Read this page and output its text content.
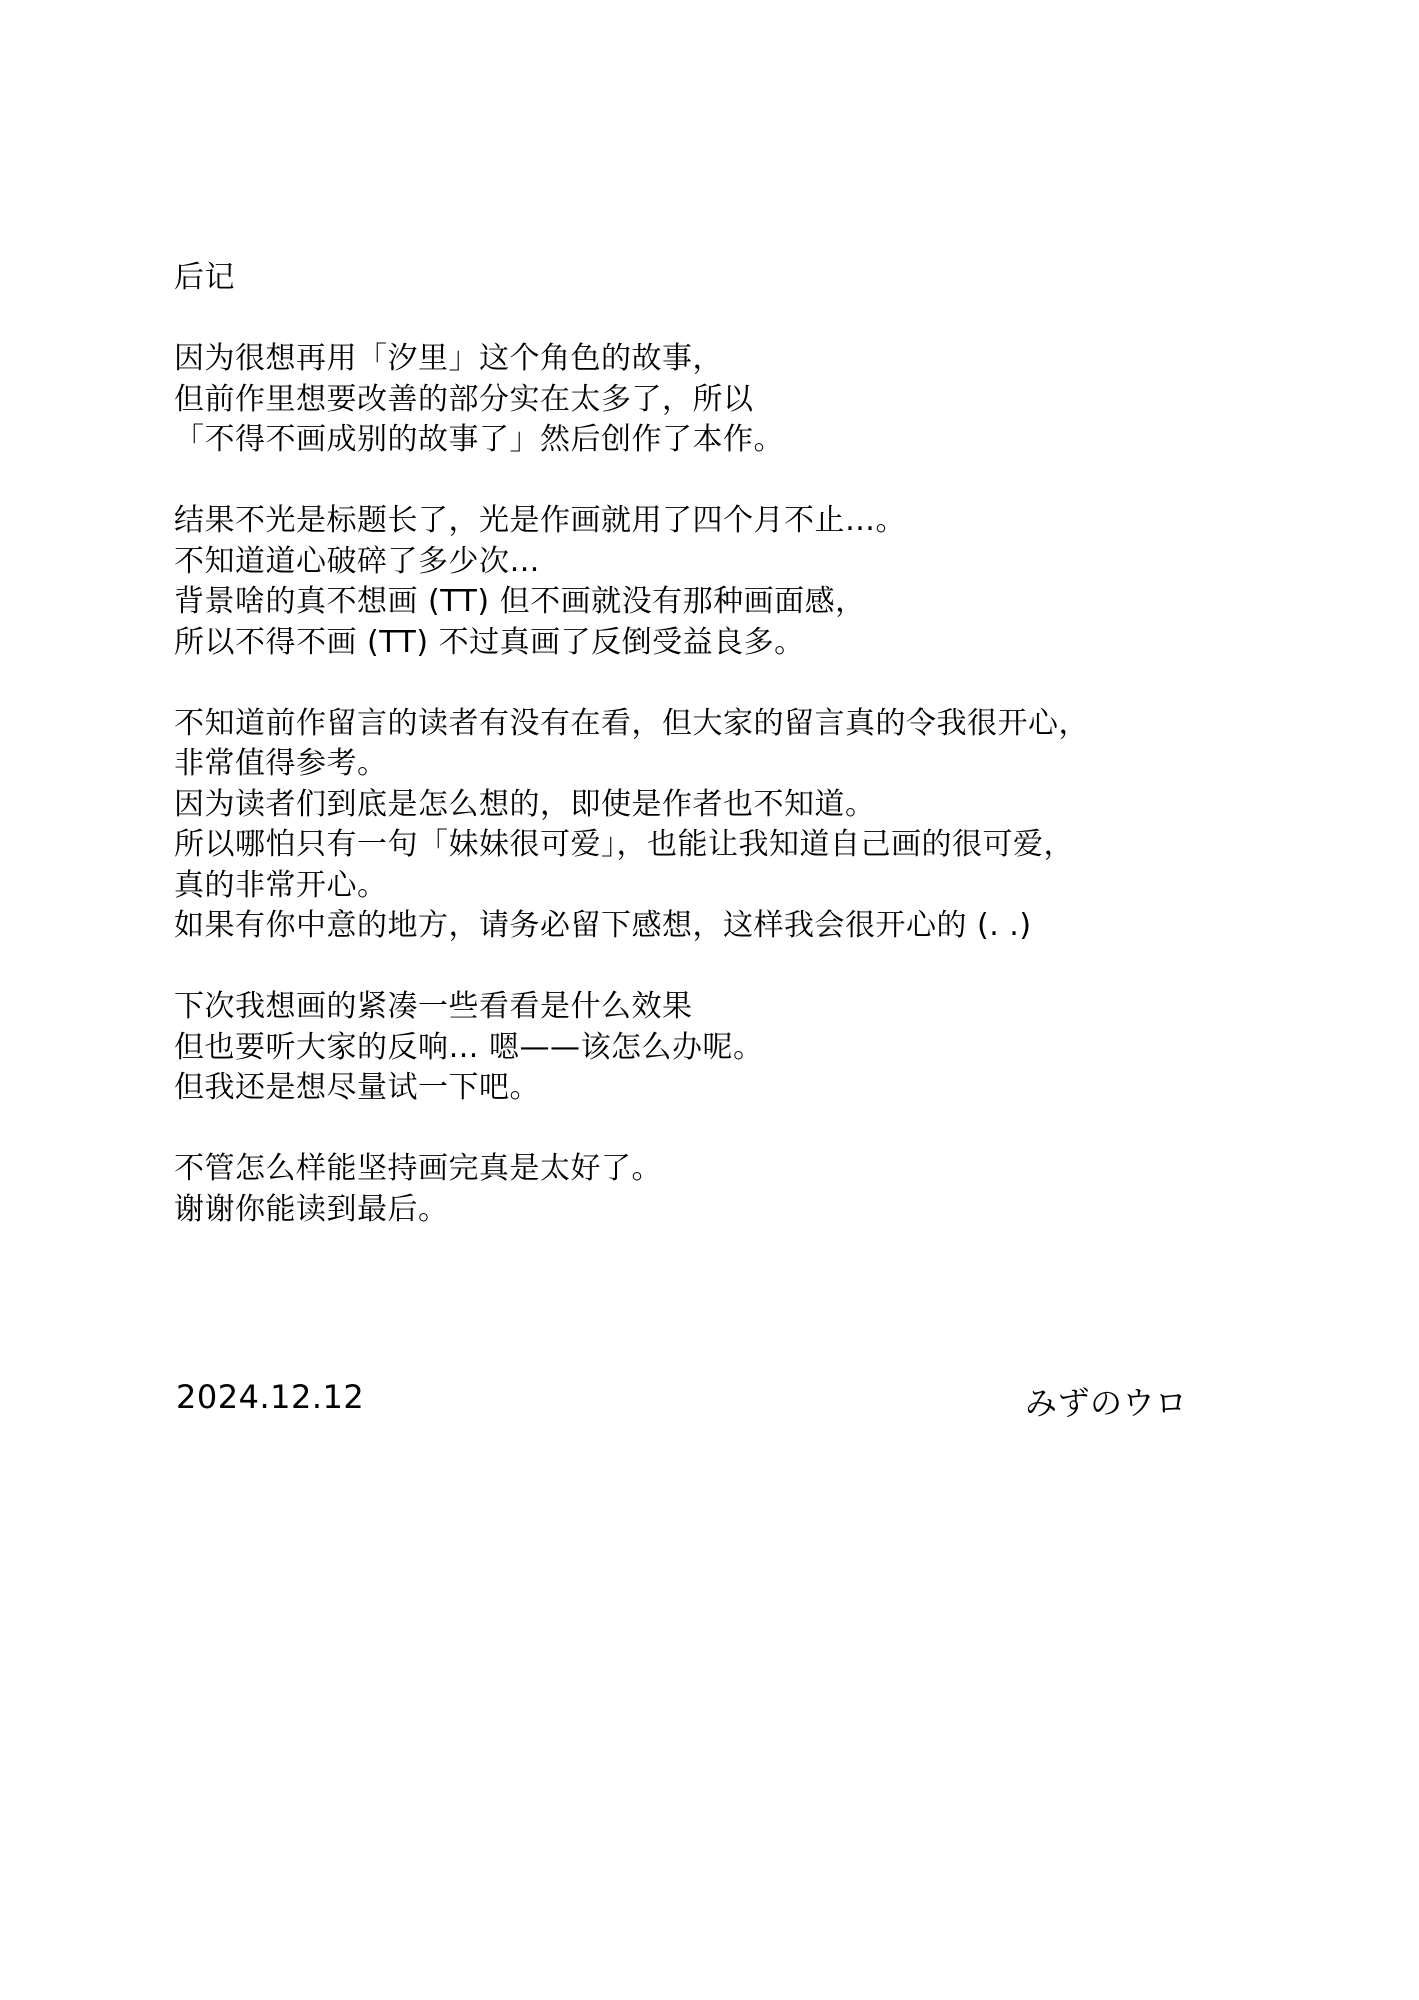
后记
因为很想再用「汐里」这个角色的故事，
但前作里想要改善的部分实在太多了，所以
「不得不画成别的故事了」然后创作了本作。
结果不光是标题长了，光是作画就用了四个月不止…。
不知道道心破碎了多少次…
背景啥的真不想画 (TT) 但不画就没有那种画面感，
所以不得不画 (TT) 不过真画了反倒受益良多。
不知道前作留言的读者有没有在看，但大家的留言真的令我很开心，
非常值得参考。
因为读者们到底是怎么想的，即使是作者也不知道。
所以哪怕只有一句「妹妹很可爱」，也能让我知道自己画的很可爱，
真的非常开心。
如果有你中意的地方，请务必留下感想，这样我会很开心的 (. .)
下次我想画的紧凑一些看看是什么效果
但也要听大家的反响… 嗯——该怎么办呢。
但我还是想尽量试一下吧。
不管怎么样能坚持画完真是太好了。
谢谢你能读到最后。
2024.12.12	みずのウロ
